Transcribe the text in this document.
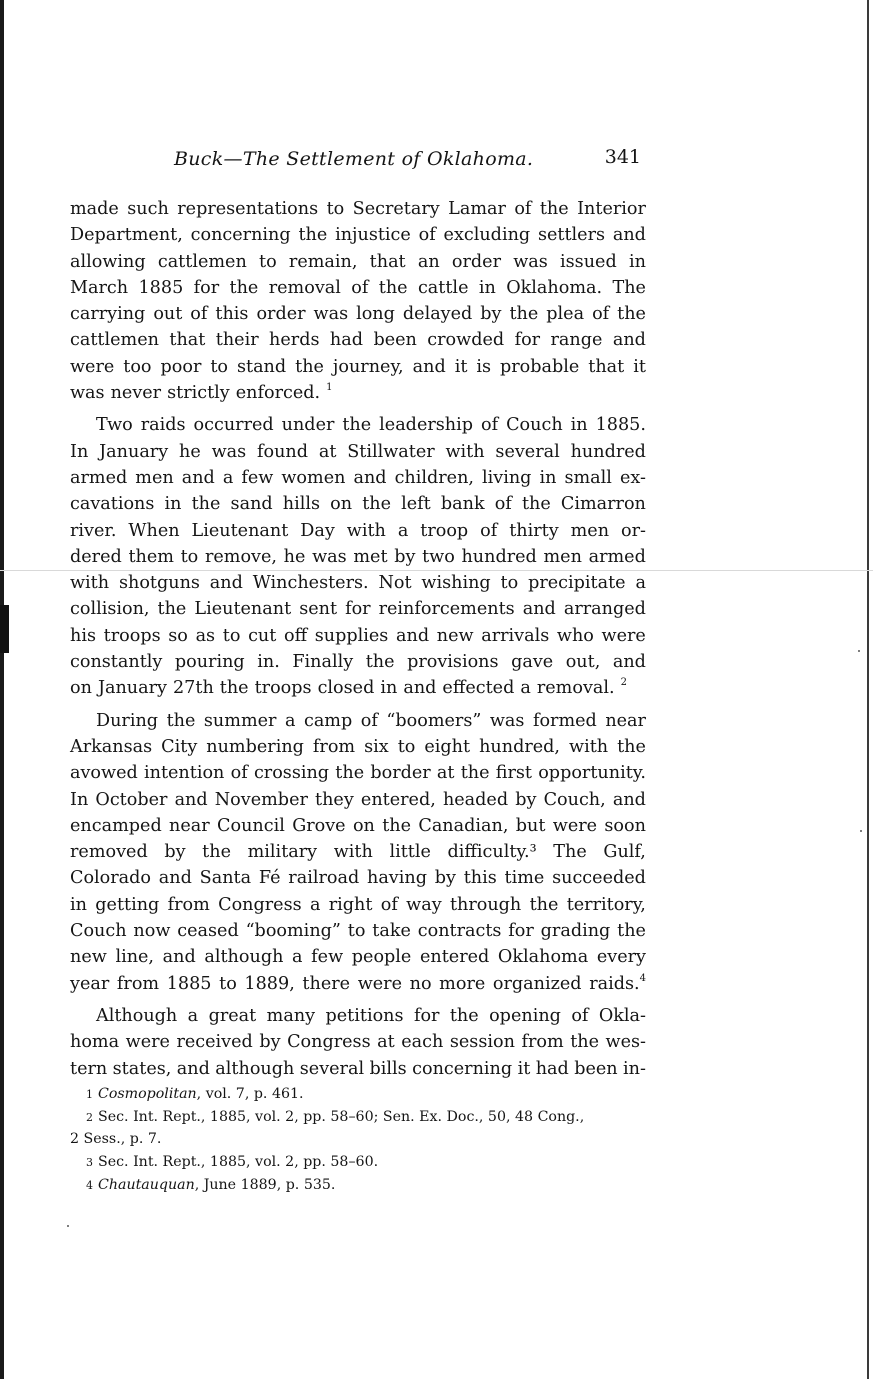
Buck—The Settlement of Oklahoma.	341
made such representations to Secretary Lamar of the Interior
Department, concerning the injustice of excluding settlers and
allowing cattlemen to remain, that an order was issued in
March 1885 for the removal of the cattle in Oklahoma. The
carrying out of this order was long delayed by the plea of the
cattlemen that their herds had been crowded for range and
were too poor to stand the journey, and it is probable that it
was never strictly enforced. $^1$
Two raids occurred under the leadership of Couch in 1885.
In January he was found at Stillwater with several hundred
armed men and a few women and children, living in small ex-
cavations in the sand hills on the left bank of the Cimarron
river. When Lieutenant Day with a troop of thirty men or-
dered them to remove, he was met by two hundred men armed
with shotguns and Winchesters. Not wishing to precipitate a
collision, the Lieutenant sent for reinforcements and arranged
his troops so as to cut off supplies and new arrivals who were
constantly pouring in. Finally the provisions gave out, and
on January 27th the troops closed in and effected a removal. $^2$
During the summer a camp of “boomers” was formed near
Arkansas City numbering from six to eight hundred, with the
avowed intention of crossing the border at the first opportunity.
In October and November they entered, headed by Couch, and
encamped near Council Grove on the Canadian, but were soon
removed by the military with little difficulty.³ The Gulf,
Colorado and Santa Fé railroad having by this time succeeded
in getting from Congress a right of way through the territory,
Couch now ceased “booming” to take contracts for grading the
new line, and although a few people entered Oklahoma every
year from 1885 to 1889, there were no more organized raids.$^4$
Although a great many petitions for the opening of Okla-
homa were received by Congress at each session from the wes-
tern states, and although several bills concerning it had been in-
1 Cosmopolitan, vol. 7, p. 461.
2 Sec. Int. Rept., 1885, vol. 2, pp. 58–60; Sen. Ex. Doc., 50, 48 Cong.,
2 Sess., p. 7.
3 Sec. Int. Rept., 1885, vol. 2, pp. 58–60.
4 Chautauquan, June 1889, p. 535.
